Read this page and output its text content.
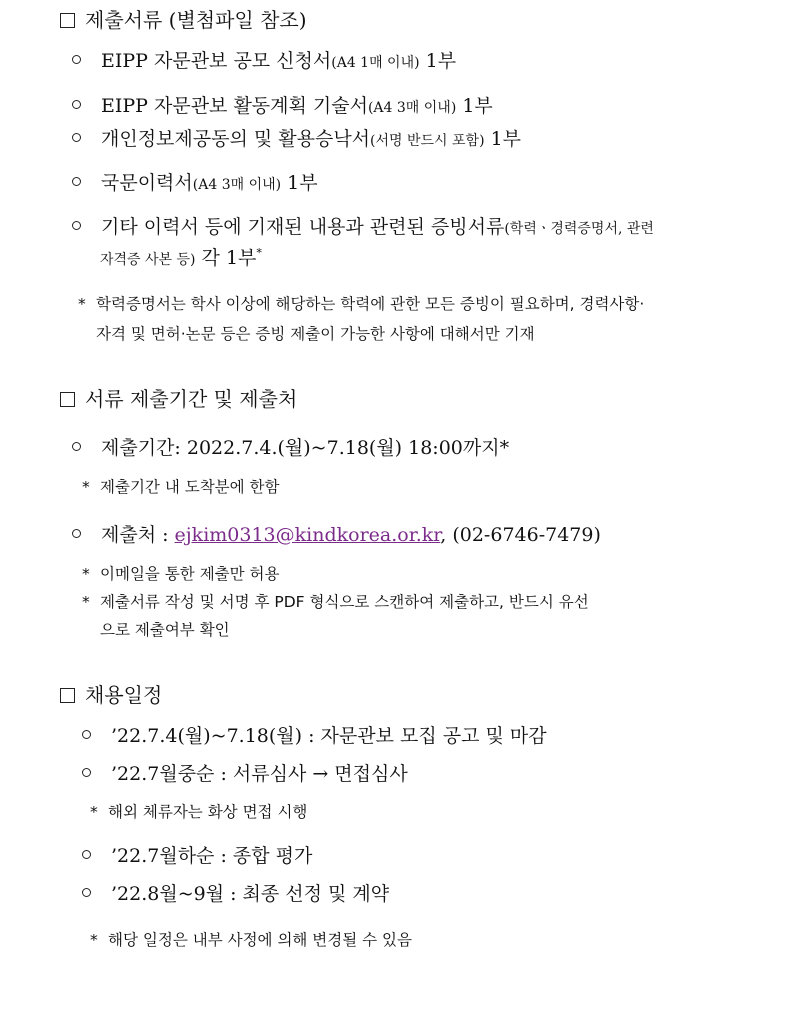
제출서류 (별첨파일 참조)
EIPP 자문관보 공모 신청서(A4 1매 이내) 1부
EIPP 자문관보 활동계획 기술서(A4 3매 이내) 1부
개인정보제공동의 및 활용승낙서(서명 반드시 포함) 1부
국문이력서(A4 3매 이내) 1부
기타 이력서 등에 기재된 내용과 관련된 증빙서류(학력ㆍ경력증명서, 관련
자격증 사본 등) 각 1부*
* 학력증명서는 학사 이상에 해당하는 학력에 관한 모든 증빙이 필요하며, 경력사항·
자격 및 면허·논문 등은 증빙 제출이 가능한 사항에 대해서만 기재
서류 제출기간 및 제출처
제출기간: 2022.7.4.(월)~7.18(월) 18:00까지*
* 제출기간 내 도착분에 한함
제출처 : ejkim0313@kindkorea.or.kr, (02-6746-7479)
* 이메일을 통한 제출만 허용
* 제출서류 작성 및 서명 후 PDF 형식으로 스캔하여 제출하고, 반드시 유선
으로 제출여부 확인
채용일정
’22.7.4(월)~7.18(월) : 자문관보 모집 공고 및 마감
’22.7월중순 : 서류심사 → 면접심사
* 해외 체류자는 화상 면접 시행
’22.7월하순 : 종합 평가
’22.8월~9월 : 최종 선정 및 계약
* 해당 일정은 내부 사정에 의해 변경될 수 있음
